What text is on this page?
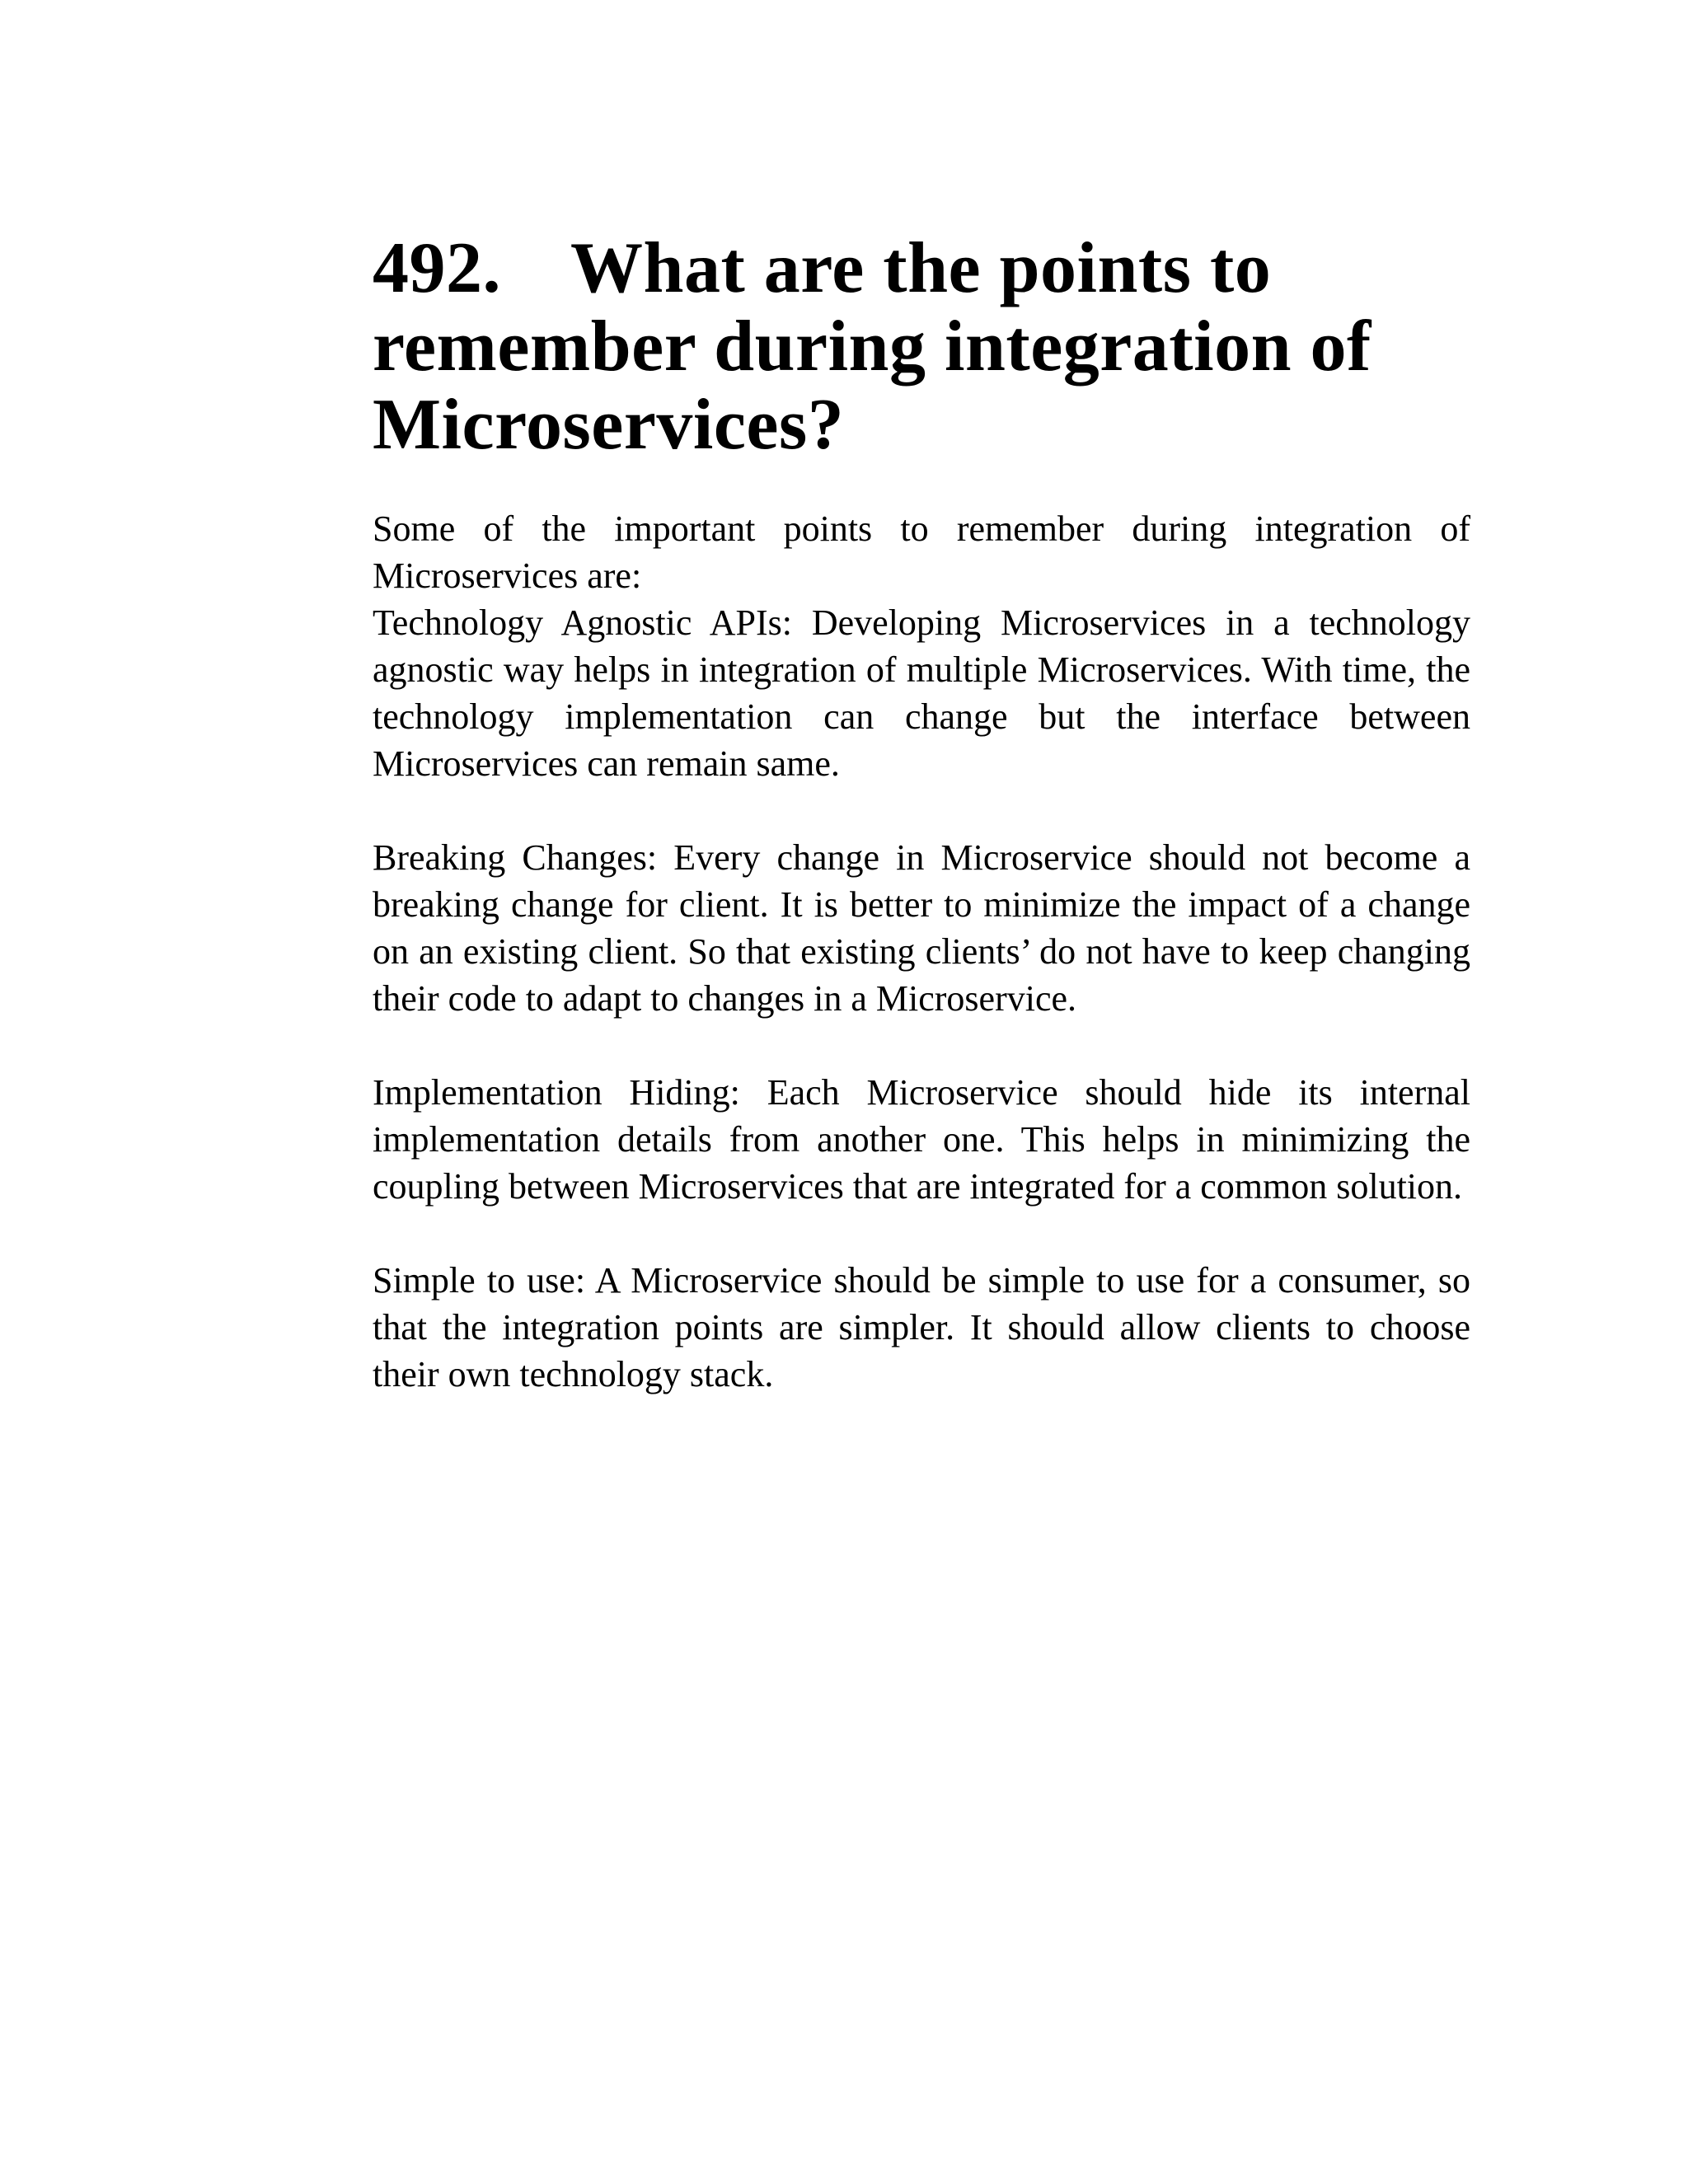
492. What are the points to remember during integration of Microservices?

Some of the important points to remember during integration of Microservices are:

Technology Agnostic APIs: Developing Microservices in a technology agnostic way helps in integration of multiple Microservices. With time, the technology implementation can change but the interface between Microservices can remain same.

Breaking Changes: Every change in Microservice should not become a breaking change for client. It is better to minimize the impact of a change on an existing client. So that existing clients’ do not have to keep changing their code to adapt to changes in a Microservice.

Implementation Hiding: Each Microservice should hide its internal implementation details from another one. This helps in minimizing the coupling between Microservices that are integrated for a common solution.

Simple to use: A Microservice should be simple to use for a consumer, so that the integration points are simpler. It should allow clients to choose their own technology stack.
